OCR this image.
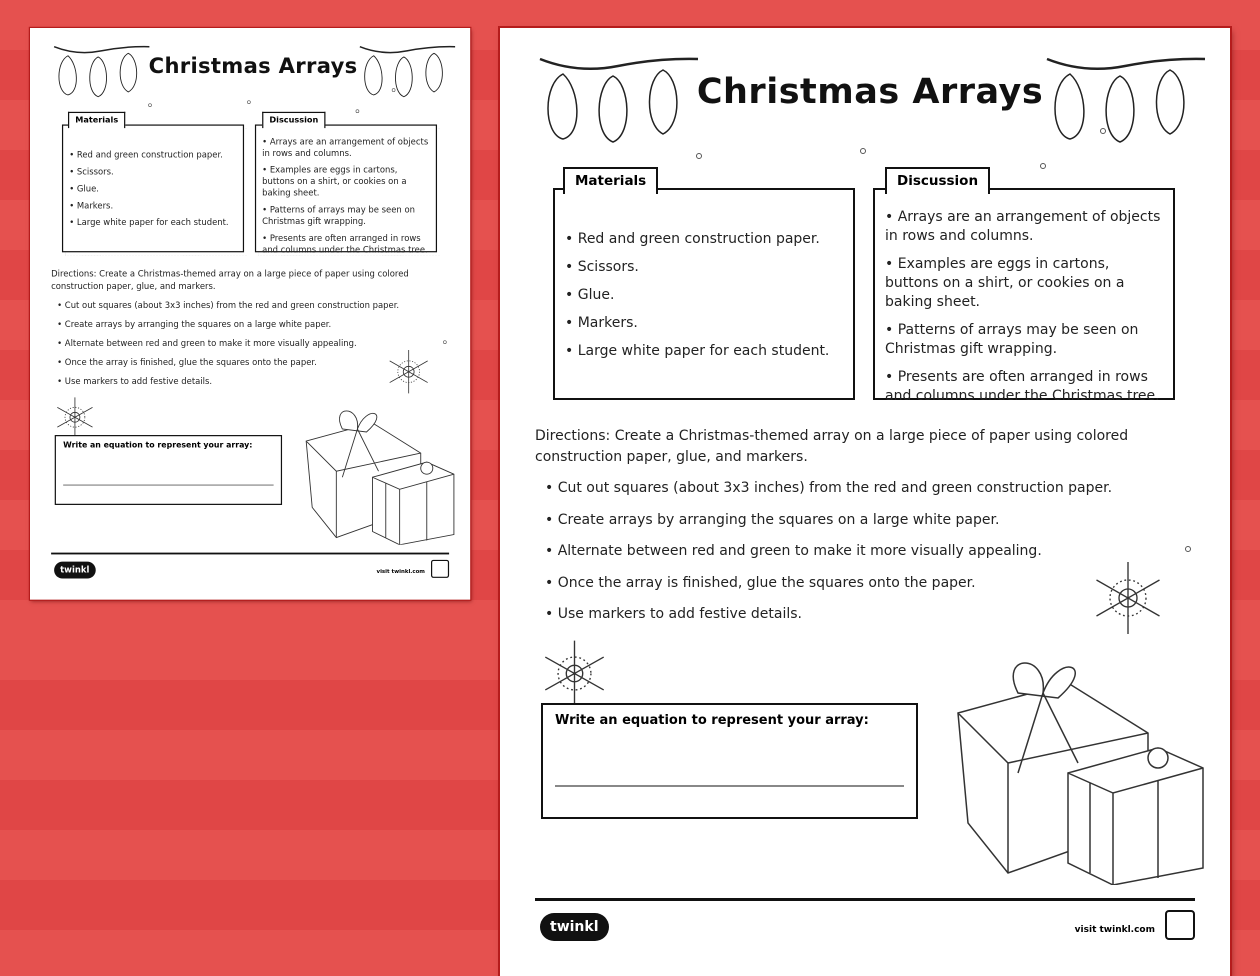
Christmas Arrays
Materials
• Red and green construction paper.
• Scissors.
• Glue.
• Markers.
• Large white paper for each student.
Discussion
• Arrays are an arrangement of objects in rows and columns.
• Examples are eggs in cartons, buttons on a shirt, or cookies on a baking sheet.
• Patterns of arrays may be seen on Christmas gift wrapping.
• Presents are often arranged in rows and columns under the Christmas tree.

Directions: Create a Christmas-themed array on a large piece of paper using colored construction paper, glue, and markers.

• Cut out squares (about 3x3 inches) from the red and green construction paper.
• Create arrays by arranging the squares on a large white paper.
• Alternate between red and green to make it more visually appealing.
• Once the array is finished, glue the squares onto the paper.
• Use markers to add festive details.
Write an equation to represent your array:
twinkl	visit twinkl.com
Christmas Arrays
Materials
• Red and green construction paper.
• Scissors.
• Glue.
• Markers.
• Large white paper for each student.
Discussion
• Arrays are an arrangement of objects in rows and columns.
• Examples are eggs in cartons, buttons on a shirt, or cookies on a baking sheet.
• Patterns of arrays may be seen on Christmas gift wrapping.
• Presents are often arranged in rows and columns under the Christmas tree.

Directions: Create a Christmas-themed array on a large piece of paper using colored construction paper, glue, and markers.

• Cut out squares (about 3x3 inches) from the red and green construction paper.
• Create arrays by arranging the squares on a large white paper.
• Alternate between red and green to make it more visually appealing.
• Once the array is finished, glue the squares onto the paper.
• Use markers to add festive details.
Write an equation to represent your array:
twinkl	visit twinkl.com
